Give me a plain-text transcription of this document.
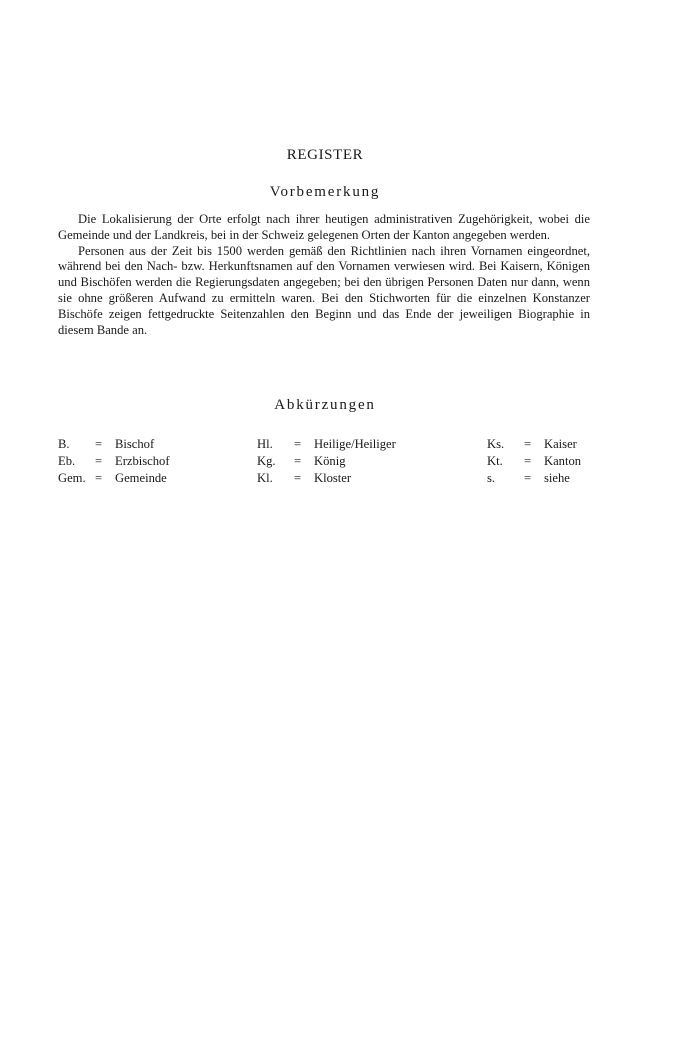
REGISTER
Vorbemerkung

Die Lokalisierung der Orte erfolgt nach ihrer heutigen administrativen Zugehörigkeit, wobei die Gemeinde und der Landkreis, bei in der Schweiz gelegenen Orten der Kanton angegeben werden.

Personen aus der Zeit bis 1500 werden gemäß den Richtlinien nach ihren Vornamen eingeordnet, während bei den Nach- bzw. Herkunftsnamen auf den Vornamen verwiesen wird. Bei Kaisern, Königen und Bischöfen werden die Regierungsdaten angegeben; bei den übrigen Personen Daten nur dann, wenn sie ohne größeren Aufwand zu ermitteln waren. Bei den Stichworten für die einzelnen Konstanzer Bischöfe zeigen fettgedruckte Seitenzahlen den Beginn und das Ende der jeweiligen Biographie in diesem Bande an.

Abkürzungen
B. = Bischof
Eb. = Erzbischof
Gem. = Gemeinde
Hl. = Heilige/Heiliger
Kg. = König
Kl. = Kloster
Ks. = Kaiser
Kt. = Kanton
s. = siehe
